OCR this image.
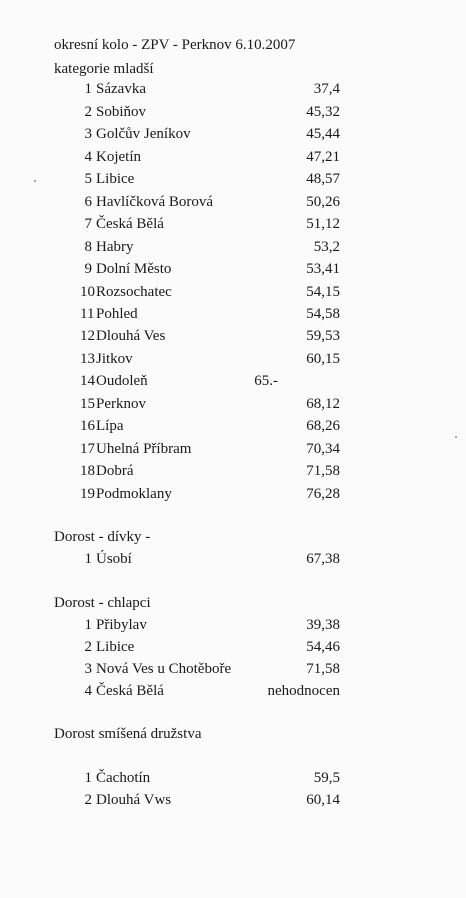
okresní kolo - ZPV - Perknov 6.10.2007
kategorie mladší
1 Sázavka	37,4
2 Sobiňov	45,32
3 Golčův Jeníkov	45,44
4 Kojetín	47,21
5 Libice	48,57
6 Havlíčková Borová	50,26
7 Česká Bělá	51,12
8 Habry	53,2
9 Dolní Město	53,41
10 Rozsochatec	54,15
11 Pohled	54,58
12 Dlouhá Ves	59,53
13 Jitkov	60,15
14 Oudoleň	65.-
15 Perknov	68,12
16 Lípa	68,26
17 Uhelná Příbram	70,34
18 Dobrá	71,58
19 Podmoklany	76,28
Dorost - dívky -
1 Úsobí	67,38
Dorost - chlapci
1 Přibylav	39,38
2 Libice	54,46
3 Nová Ves u Chotěboře	71,58
4 Česká Bělá	nehodnocen
Dorost smíšená družstva
1 Čachotín	59,5
2 Dlouhá Vws	60,14
